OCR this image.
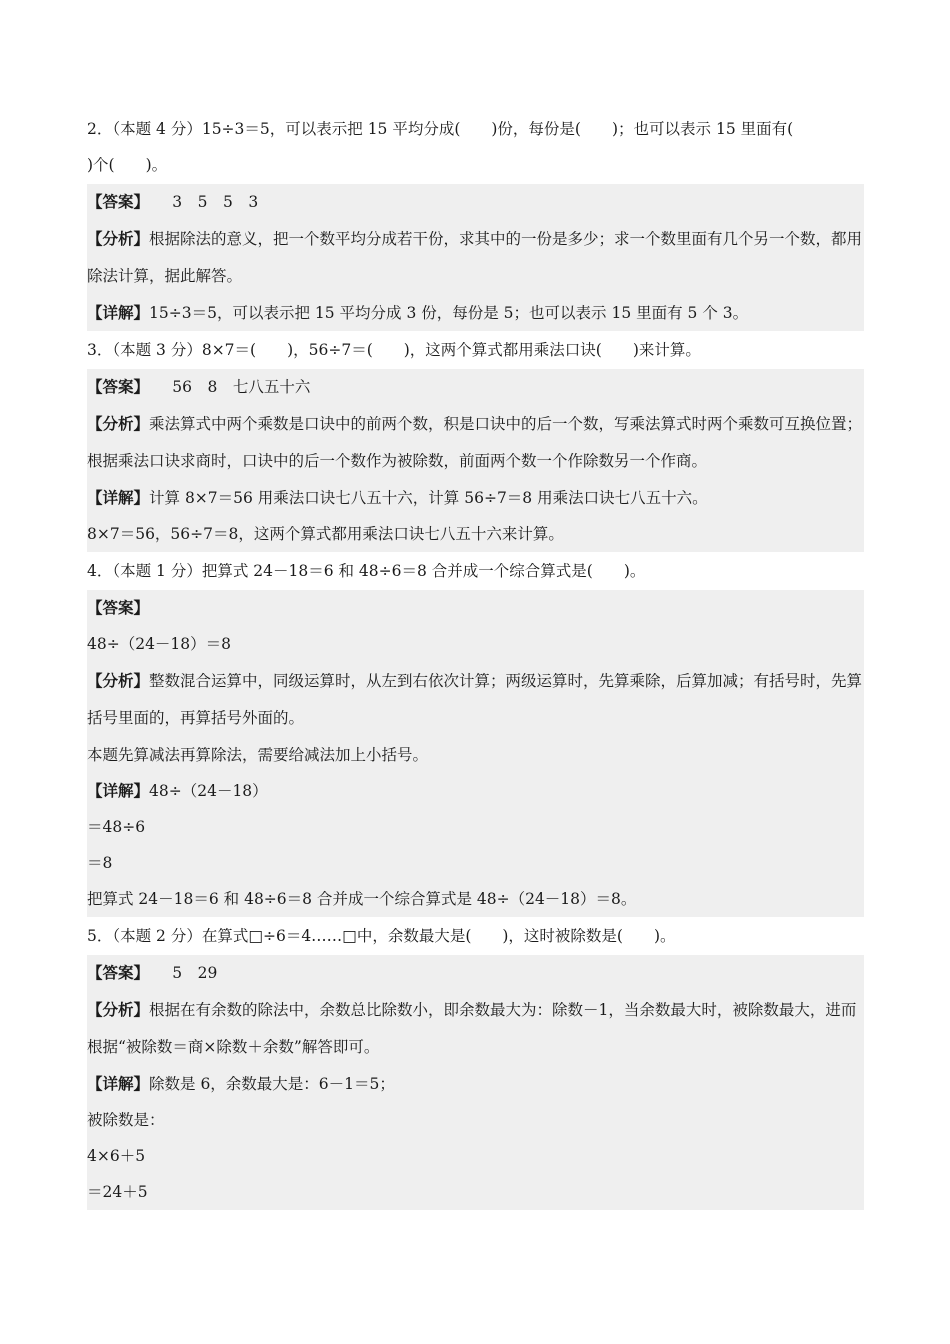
2．（本题 4 分）15÷3＝5，可以表示把 15 平均分成(　　)份，每份是(　　)；也可以表示 15 里面有(
)个(　　)。
【答案】　　3　5　5　3
【分析】根据除法的意义，把一个数平均分成若干份，求其中的一份是多少；求一个数里面有几个另一个数，都用除法计算，据此解答。
【详解】15÷3＝5，可以表示把 15 平均分成 3 份，每份是 5；也可以表示 15 里面有 5 个 3。
3．（本题 3 分）8×7＝(　　)，56÷7＝(　　)，这两个算式都用乘法口诀(　　)来计算。
【答案】　　56　8　七八五十六
【分析】乘法算式中两个乘数是口诀中的前两个数，积是口诀中的后一个数，写乘法算式时两个乘数可互换位置；根据乘法口诀求商时，口诀中的后一个数作为被除数，前面两个数一个作除数另一个作商。
【详解】计算 8×7＝56 用乘法口诀七八五十六，计算 56÷7＝8 用乘法口诀七八五十六。
8×7＝56，56÷7＝8，这两个算式都用乘法口诀七八五十六来计算。
4．（本题 1 分）把算式 24－18＝6 和 48÷6＝8 合并成一个综合算式是(　　)。
【答案】
48÷（24－18）＝8
【分析】整数混合运算中，同级运算时，从左到右依次计算；两级运算时，先算乘除，后算加减；有括号时，先算括号里面的，再算括号外面的。
本题先算减法再算除法，需要给减法加上小括号。
【详解】48÷（24－18）
＝48÷6
＝8
把算式 24－18＝6 和 48÷6＝8 合并成一个综合算式是 48÷（24－18）＝8。
5．（本题 2 分）在算式□÷6＝4……□中，余数最大是(　　)，这时被除数是(　　)。
【答案】　　5　29
【分析】根据在有余数的除法中，余数总比除数小，即余数最大为：除数－1，当余数最大时，被除数最大，进而根据“被除数＝商×除数＋余数”解答即可。
【详解】除数是 6，余数最大是：6－1＝5；
被除数是：
4×6＋5
＝24＋5
